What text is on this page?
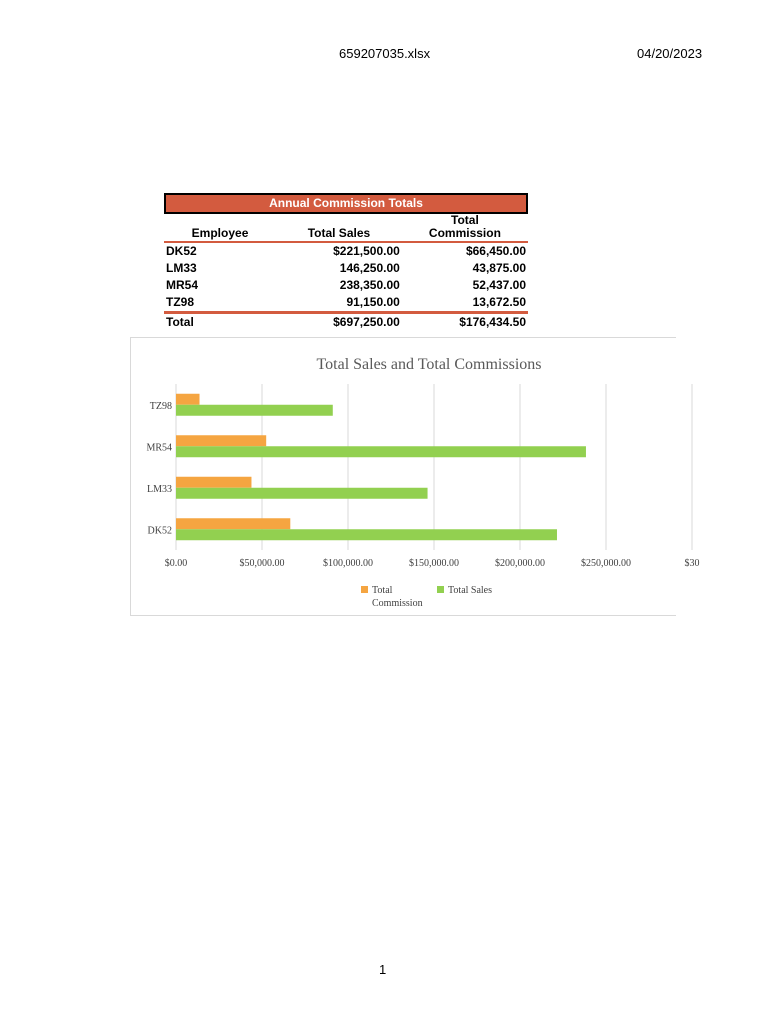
659207035.xlsx	04/20/2023
Annual Commission Totals
Employee	Total Sales	Total
Commission
DK52	$221,500.00	$66,450.00
LM33	146,250.00	43,875.00
MR54	238,350.00	52,437.00
TZ98	91,150.00	13,672.50
Total	$697,250.00	$176,434.50
Total Sales and Total Commissions
$0.00	$50,000.00	$100,000.00	$150,000.00	$200,000.00	$250,000.00	$30
DK52
LM33
MR54
TZ98
Total
Commission
Total Sales
1
